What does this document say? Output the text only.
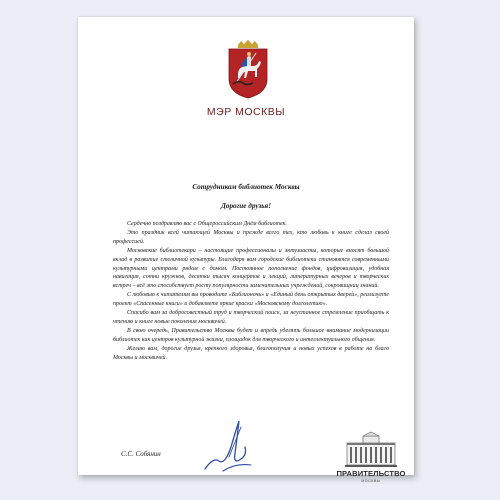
МЭР МОСКВЫ
Сотрудникам библиотек Москвы
Дорогие друзья!

Сердечно поздравляю вас с Общероссийским Днём библиотек.

Это праздник всей читающей Москвы и прежде всего тех, кто любовь к книге сделал своей профессией.

Московские библиотекари – настоящие профессионалы и энтузиасты, которые вносят большой вклад в развитие столичной культуры. Благодаря вам городские библиотеки становятся современными культурными центрами рядом с домом. Постоянное пополнение фондов, цифровизация, удобная навигация, сотни кружков, десятки тысяч концертов и лекций, литературных вечеров и творческих встреч – всё это способствует росту популярности замечательных учреждений, сокровищниц знаний.

С любовью к читателям вы проводите «Библионочь» и «Единый день открытых дверей», реализуете проект «Спасенные книги» и добавляете яркие краски «Московскому долголетию».

Спасибо вам за добросовестный труд и творческий поиск, за неустанное стремление приобщать к чтению и книге новые поколения москвичей.

В свою очередь, Правительство Москвы будет и впредь уделять большое внимание модернизации библиотек как центров культурной жизни, площадок для творческого и интеллектуального общения.

Желаю вам, дорогие друзья, крепкого здоровья, благополучия и новых успехов в работе на благо Москвы и москвичей.

С.С. Собянин
ПРАВИТЕЛЬСТВО
МОСКВЫ
